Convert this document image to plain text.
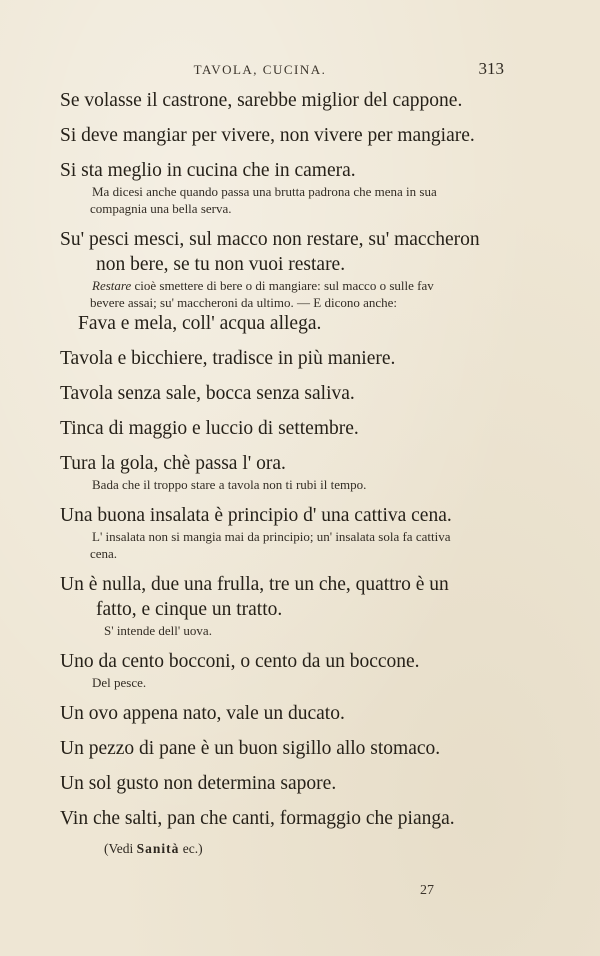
TAVOLA, CUCINA.	313

Se volasse il castrone, sarebbe miglior del cappone.

Si deve mangiar per vivere, non vivere per mangiare.

Si sta meglio in cucina che in camera.

Ma dicesi anche quando passa una brutta padrona che mena in sua
compagnia una bella serva.

Su' pesci mesci, sul macco non restare, su' maccheron

non bere, se tu non vuoi restare.

Restare cioè smettere di bere o di mangiare: sul macco o sulle fav
bevere assai; su' maccheroni da ultimo. — E dicono anche:

Fava e mela, coll' acqua allega.

Tavola e bicchiere, tradisce in più maniere.

Tavola senza sale, bocca senza saliva.

Tinca di maggio e luccio di settembre.

Tura la gola, chè passa l' ora.

Bada che il troppo stare a tavola non ti rubi il tempo.

Una buona insalata è principio d' una cattiva cena.

L' insalata non si mangia mai da principio; un' insalata sola fa cattiva
cena.

Un è nulla, due una frulla, tre un che, quattro è un

fatto, e cinque un tratto.

S' intende dell' uova.

Uno da cento bocconi, o cento da un boccone.

Del pesce.

Un ovo appena nato, vale un ducato.

Un pezzo di pane è un buon sigillo allo stomaco.

Un sol gusto non determina sapore.

Vin che salti, pan che canti, formaggio che pianga.

(Vedi Sanità ec.)

27
